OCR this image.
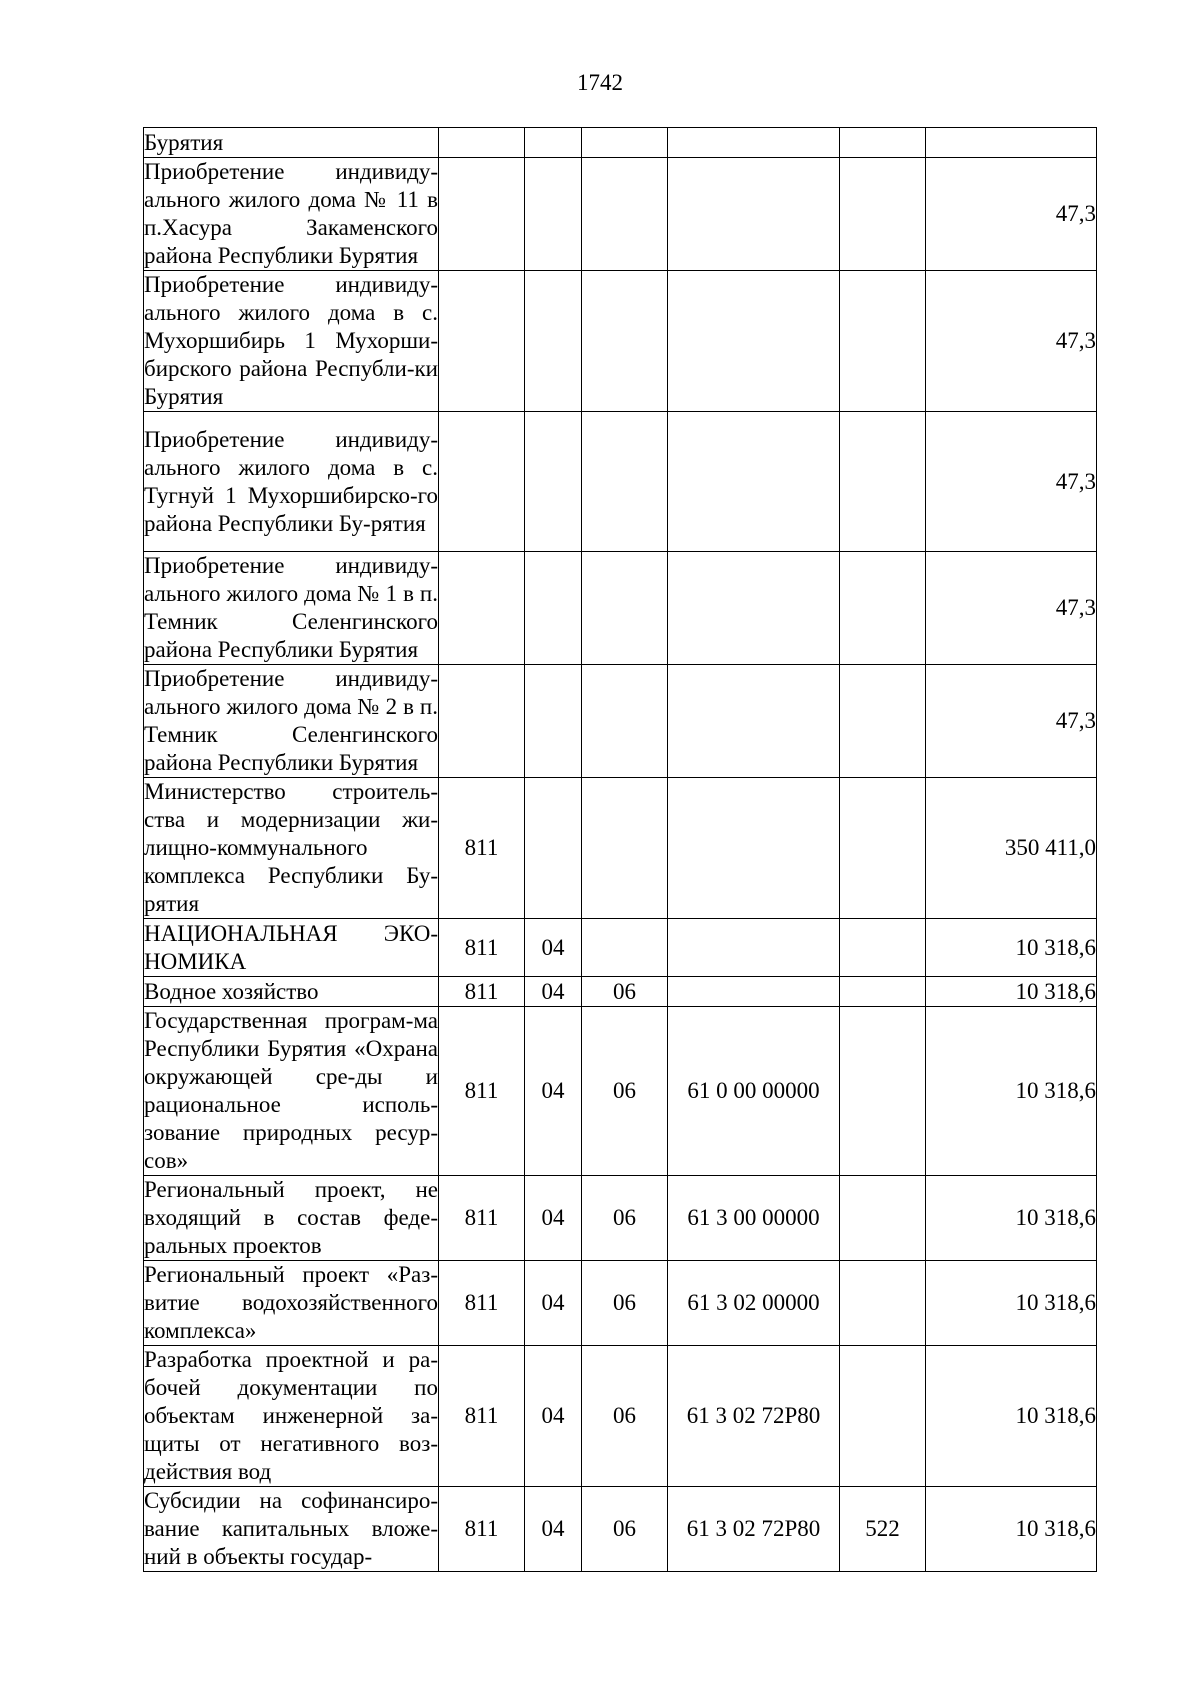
1742
Бурятия						
Приобретение индивиду-ального жилого дома № 11 в п.Хасура Закаменского района Республики Бурятия						47,3
Приобретение индивиду-ального жилого дома в с. Мухоршибирь 1 Мухорши-бирского района Республи-ки Бурятия						47,3
Приобретение индивиду-ального жилого дома в с. Тугнуй 1 Мухоршибирско-го района Республики Бу-рятия						47,3
Приобретение индивиду-ального жилого дома № 1 в п. Темник Селенгинского района Республики Бурятия						47,3
Приобретение индивиду-ального жилого дома № 2 в п. Темник Селенгинского района Республики Бурятия						47,3
Министерство строитель-ства и модернизации жи-лищно-коммунального комплекса Республики Бу-рятия	811					350 411,0
НАЦИОНАЛЬНАЯ ЭКО-НОМИКА	811	04				10 318,6
Водное хозяйство	811	04	06			10 318,6
Государственная програм-ма Республики Бурятия «Охрана окружающей сре-ды и рациональное исполь-зование природных ресур-сов»	811	04	06	61 0 00 00000		10 318,6
Региональный проект, не входящий в состав феде-ральных проектов	811	04	06	61 3 00 00000		10 318,6
Региональный проект «Раз-витие водохозяйственного комплекса»	811	04	06	61 3 02 00000		10 318,6
Разработка проектной и ра-бочей документации по объектам инженерной за-щиты от негативного воз-действия вод	811	04	06	61 3 02 72Р80		10 318,6
Субсидии на софинансиро-вание капитальных вложе-ний в объекты государ-	811	04	06	61 3 02 72Р80	522	10 318,6
